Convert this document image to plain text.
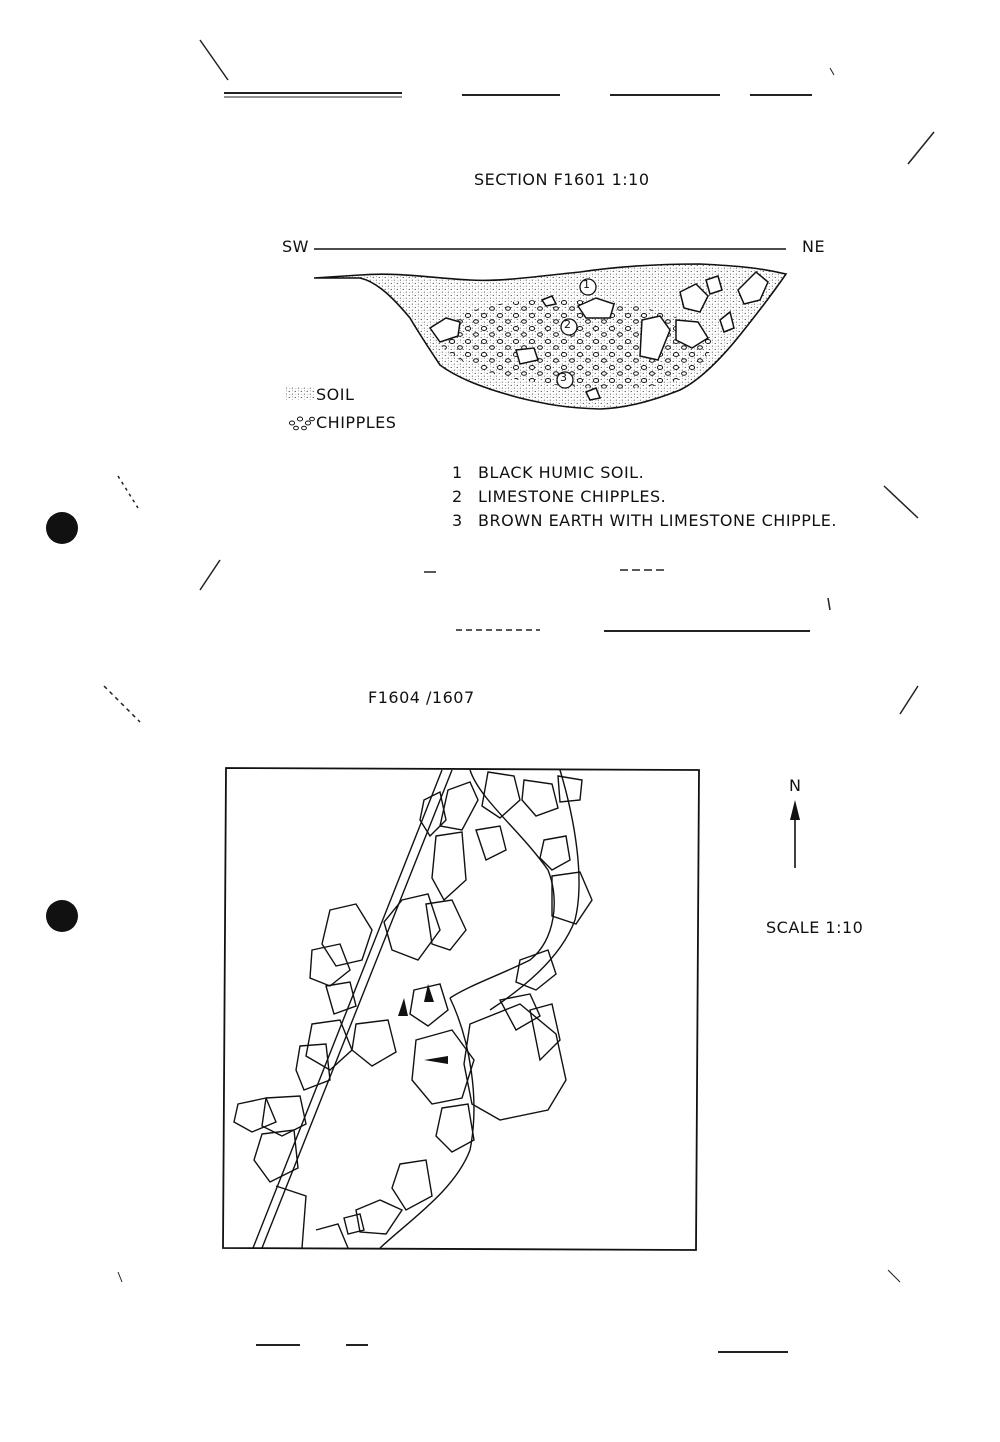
SECTION F1601 1:10
SW	NE
1
2
3
SOIL
CHIPPLES
1 BLACK HUMIC SOIL.
2 LIMESTONE CHIPPLES.
3 BROWN EARTH WITH LIMESTONE CHIPPLE.
F1604 /1607
N
SCALE 1:10
